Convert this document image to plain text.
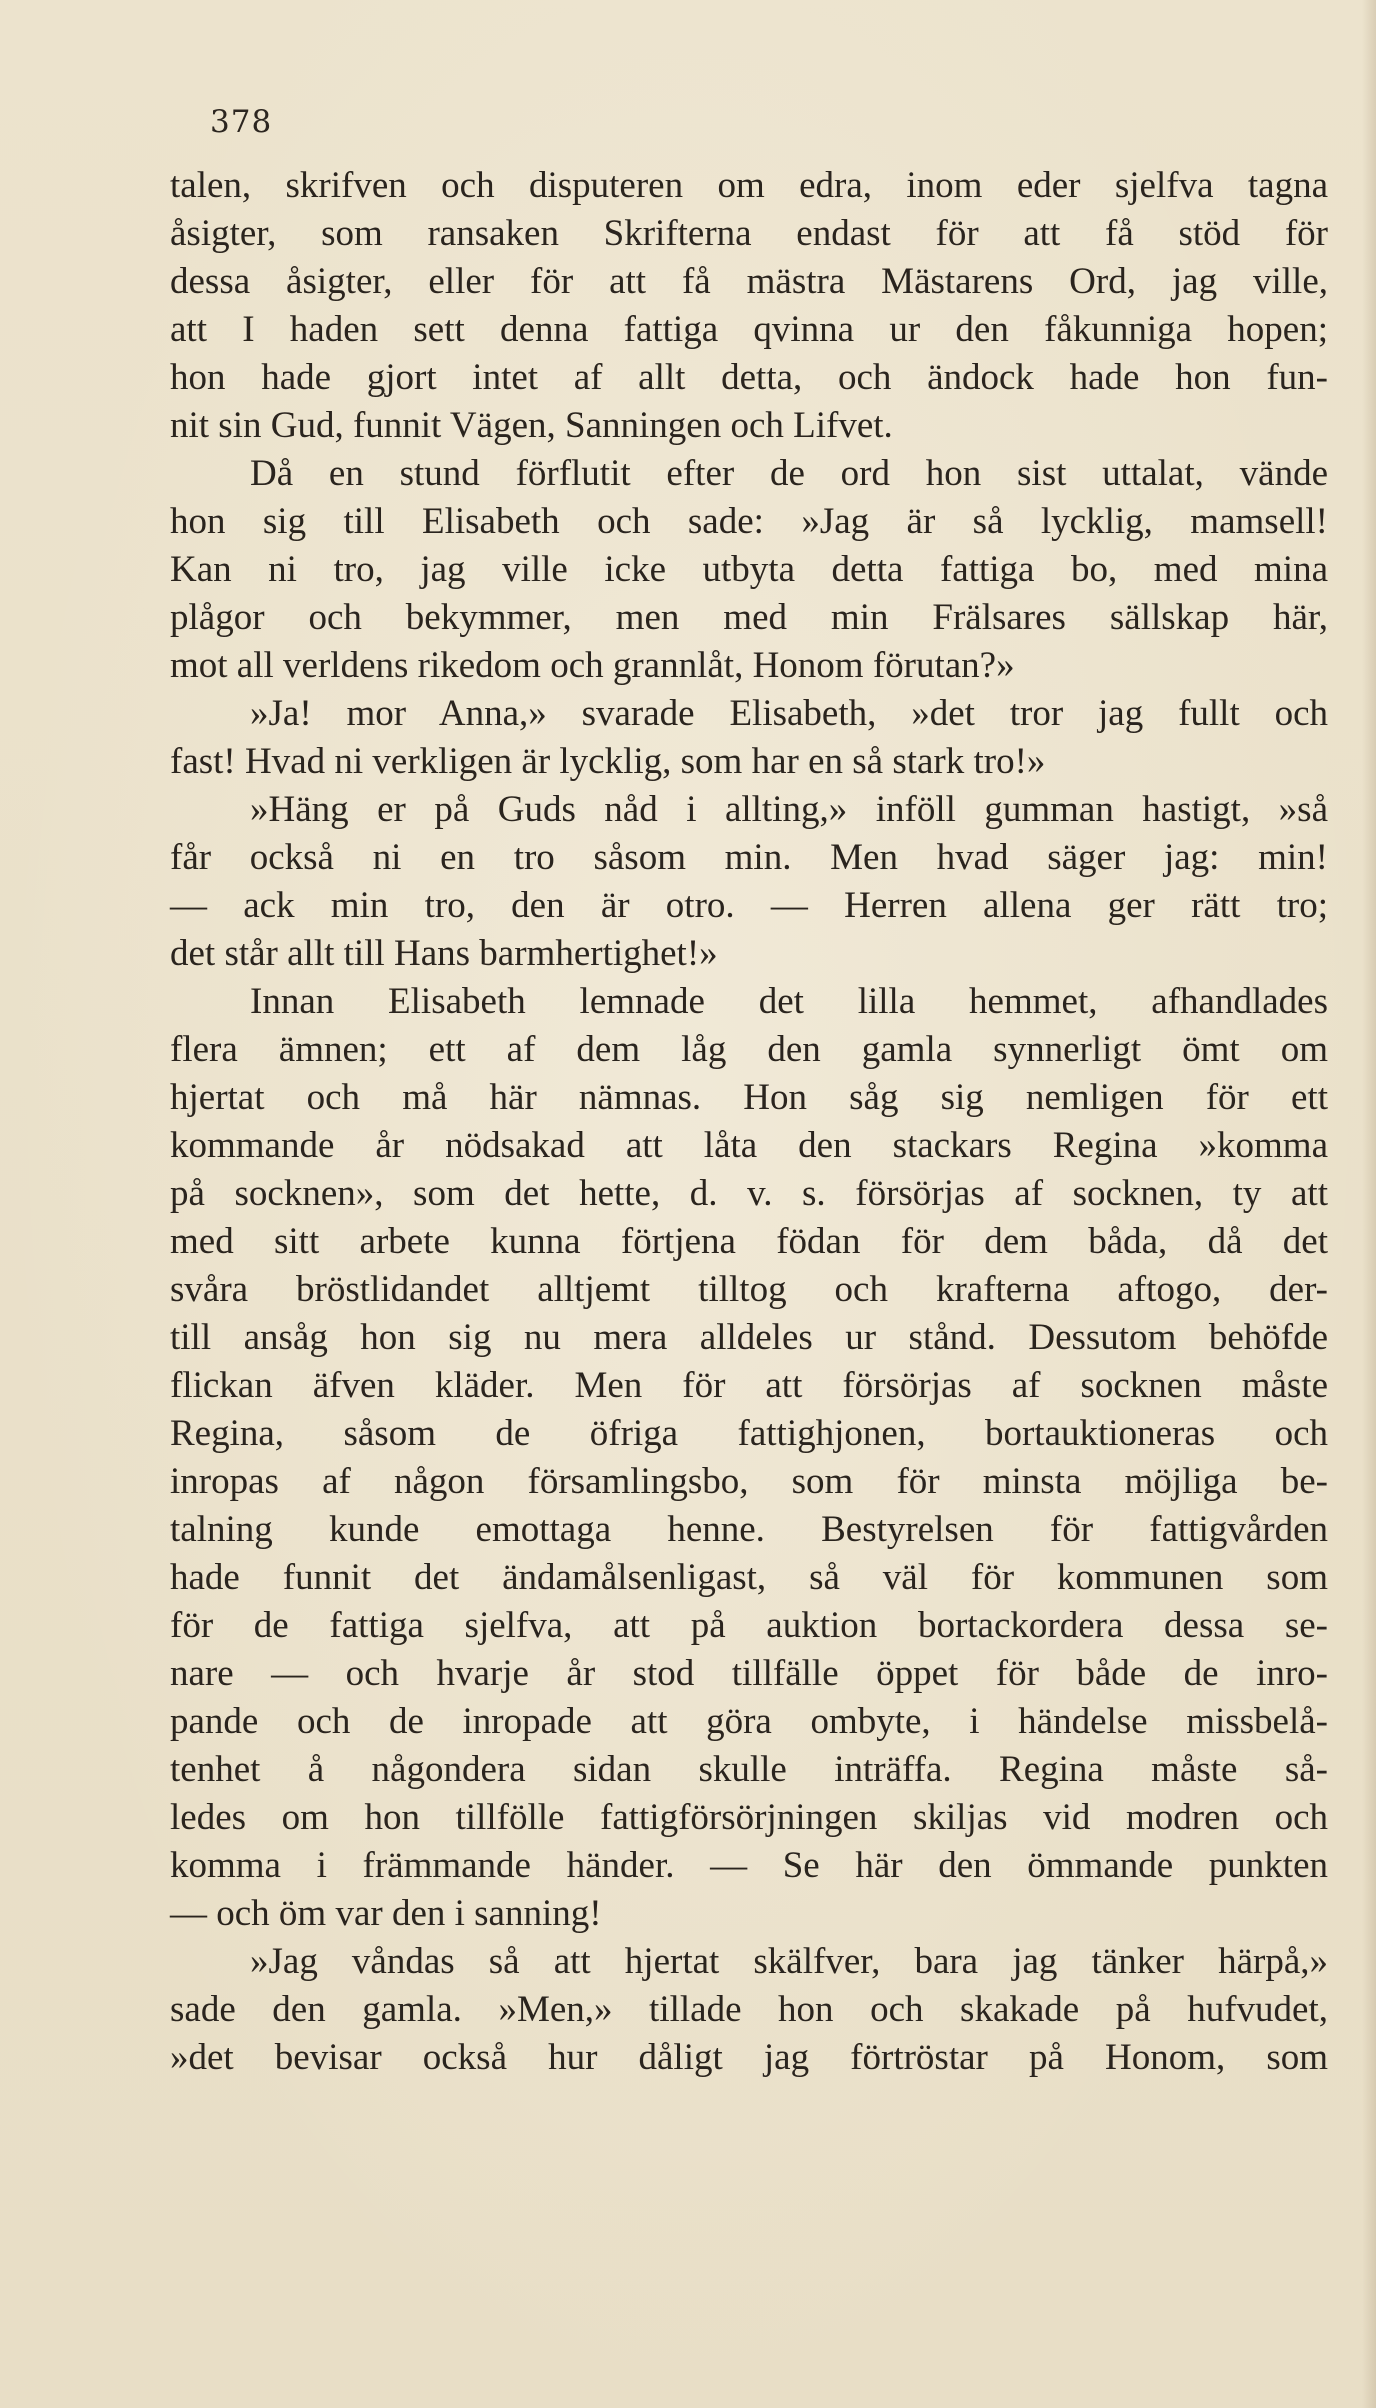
378
talen, skrifven och disputeren om edra, inom eder sjelfva tagna
åsigter, som ransaken Skrifterna endast för att få stöd för
dessa åsigter, eller för att få mästra Mästarens Ord, jag ville,
att I haden sett denna fattiga qvinna ur den fåkunniga hopen;
hon hade gjort intet af allt detta, och ändock hade hon fun-
nit sin Gud, funnit Vägen, Sanningen och Lifvet.
Då en stund förflutit efter de ord hon sist uttalat, vände
hon sig till Elisabeth och sade: »Jag är så lycklig, mamsell!
Kan ni tro, jag ville icke utbyta detta fattiga bo, med mina
plågor och bekymmer, men med min Frälsares sällskap här,
mot all verldens rikedom och grannlåt, Honom förutan?»
»Ja! mor Anna,» svarade Elisabeth, »det tror jag fullt och
fast! Hvad ni verkligen är lycklig, som har en så stark tro!»
»Häng er på Guds nåd i allting,» inföll gumman hastigt, »så
får också ni en tro såsom min. Men hvad säger jag: min!
— ack min tro, den är otro. — Herren allena ger rätt tro;
det står allt till Hans barmhertighet!»
Innan Elisabeth lemnade det lilla hemmet, afhandlades
flera ämnen; ett af dem låg den gamla synnerligt ömt om
hjertat och må här nämnas. Hon såg sig nemligen för ett
kommande år nödsakad att låta den stackars Regina »komma
på socknen», som det hette, d. v. s. försörjas af socknen, ty att
med sitt arbete kunna förtjena födan för dem båda, då det
svåra bröstlidandet alltjemt tilltog och krafterna aftogo, der-
till ansåg hon sig nu mera alldeles ur stånd. Dessutom behöfde
flickan äfven kläder. Men för att försörjas af socknen måste
Regina, såsom de öfriga fattighjonen, bortauktioneras och
inropas af någon församlingsbo, som för minsta möjliga be-
talning kunde emottaga henne. Bestyrelsen för fattigvården
hade funnit det ändamålsenligast, så väl för kommunen som
för de fattiga sjelfva, att på auktion bortackordera dessa se-
nare — och hvarje år stod tillfälle öppet för både de inro-
pande och de inropade att göra ombyte, i händelse missbelå-
tenhet å någondera sidan skulle inträffa. Regina måste så-
ledes om hon tillfölle fattigförsörjningen skiljas vid modren och
komma i främmande händer. — Se här den ömmande punkten
— och öm var den i sanning!
»Jag våndas så att hjertat skälfver, bara jag tänker härpå,»
sade den gamla. »Men,» tillade hon och skakade på hufvudet,
»det bevisar också hur dåligt jag förtröstar på Honom, som
